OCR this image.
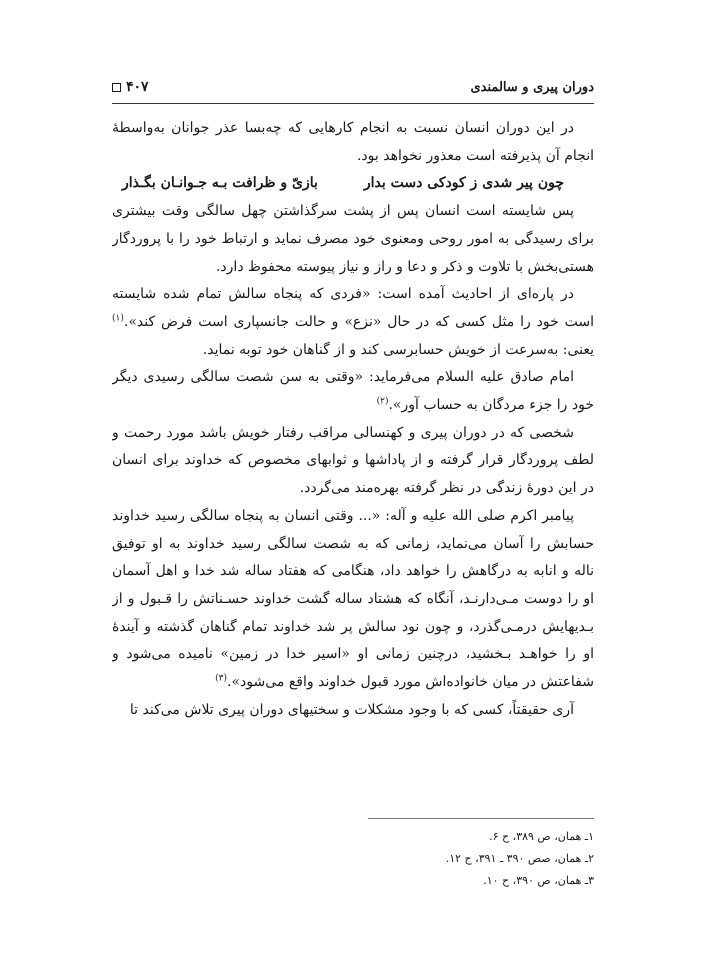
دوران پیری و سالمندی
۴۰۷

در این دوران انسان نسبت به انجام کارهایی که چه‌بسا عذر جوانان به‌واسطهٔ انجام آن پذیرفته است معذور نخواهد بود.

چون پیر شدی ز کودکی دست بدار
بازیّ و ظرافت بـه جـوانـان بگـذار

پس شایسته است انسان پس از پشت سرگذاشتن چهل سالگی وقت بیشتری برای رسیدگی به امور روحی ومعنوی خود مصرف نماید و ارتباط خود را با پروردگار هستی‌بخش با تلاوت و ذکر و دعا و راز و نیاز پیوسته محفوظ دارد.

در پاره‌ای از احادیث آمده است: «فردی که پنجاه سالش تمام شده شایسته است خود را مثل کسی که در حال «نزع» و حالت جانسپاری است فرض کند».$^{(۱)}$ یعنی: به‌سرعت از خویش حسابرسی کند و از گناهان خود توبه نماید.

امام صادق‌ علیه السلام می‌فرماید: «وقتی به سن شصت سالگی رسیدی دیگر خود را جزء مردگان به حساب آور».$^{(۲)}$

شخصی که در دوران پیری و کهنسالی مراقب رفتار خویش باشد مورد رحمت و لطف پروردگار قرار گرفته و از پاداشها و ثوابهای مخصوص که خداوند برای انسان در این دورهٔ زندگی در نظر گرفته بهره‌مند می‌گردد.

پیامبر اکرم‌ صلی الله علیه و آله: «... وقتی انسان به پنجاه سالگی رسید خداوند حسابش را آسان می‌نماید، زمانی که به شصت سالگی رسید خداوند به او توفیق ناله و انابه به درگاهش را خواهد داد، هنگامی که هفتاد ساله شد خدا و اهل آسمان او را دوست مـی‌دارنـد، آنگاه که هشتاد ساله گشت خداوند حسـناتش را قـبول و از بـدیهایش درمـی‌گذرد، و چون نود سالش پر شد خداوند تمام گناهان گذشته و آیندهٔ او را خواهـد بـخشید، درچنین زمانی او «اسیر خدا در زمین» نامیده می‌شود و شفاعتش در میان خانواده‌اش مورد قبول خداوند واقع می‌شود».$^{(۳)}$

آری حقیقتاً، کسی که با وجود مشکلات و سختیهای دوران پیری تلاش می‌کند تا

۱ـ همان، ص ۳۸۹، ح ۶.
۲ـ همان، صص ۳۹۰ ـ ۳۹۱، ح ۱۲.
۳ـ همان، ص ۳۹۰، ح ۱۰.
